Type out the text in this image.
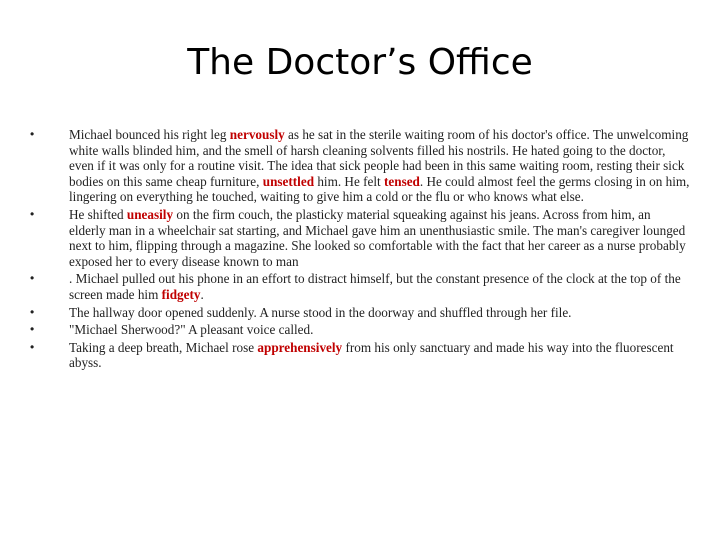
The Doctor’s Office
•	Michael bounced his right leg nervously as he sat in the sterile waiting room of his doctor's office. The unwelcoming white walls blinded him, and the smell of harsh cleaning solvents filled his nostrils. He hated going to the doctor, even if it was only for a routine visit. The idea that sick people had been in this same waiting room, resting their sick bodies on this same cheap furniture, unsettled him. He felt tensed. He could almost feel the germs closing in on him, lingering on everything he touched, waiting to give him a cold or the flu or who knows what else.
•	He shifted uneasily on the firm couch, the plasticky material squeaking against his jeans. Across from him, an elderly man in a wheelchair sat starting, and Michael gave him an unenthusiastic smile. The man's caregiver lounged next to him, flipping through a magazine. She looked so comfortable with the fact that her career as a nurse probably exposed her to every disease known to man
•	. Michael pulled out his phone in an effort to distract himself, but the constant presence of the clock at the top of the screen made him fidgety.
•	The hallway door opened suddenly. A nurse stood in the doorway and shuffled through her file.
•	"Michael Sherwood?" A pleasant voice called.
•	Taking a deep breath, Michael rose apprehensively from his only sanctuary and made his way into the fluorescent abyss.
